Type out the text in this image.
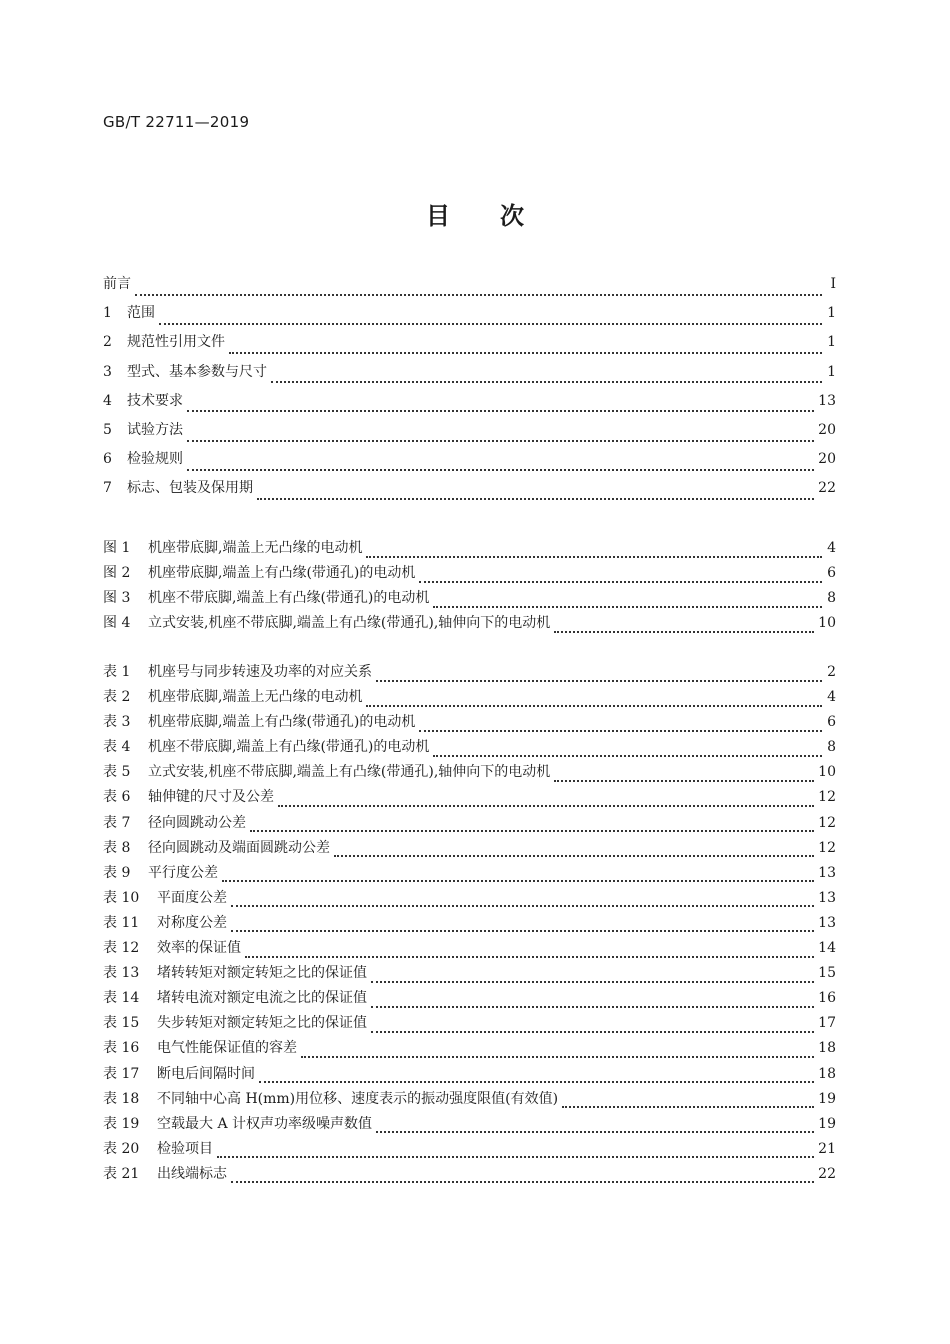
GB/T 22711—2019
目 次
前言	Ⅰ
1	范围	1
2	规范性引用文件	1
3	型式、基本参数与尺寸	1
4	技术要求	13
5	试验方法	20
6	检验规则	20
7	标志、包装及保用期	22
图 1	机座带底脚,端盖上无凸缘的电动机	4
图 2	机座带底脚,端盖上有凸缘(带通孔)的电动机	6
图 3	机座不带底脚,端盖上有凸缘(带通孔)的电动机	8
图 4	立式安装,机座不带底脚,端盖上有凸缘(带通孔),轴伸向下的电动机	10
表 1	机座号与同步转速及功率的对应关系	2
表 2	机座带底脚,端盖上无凸缘的电动机	4
表 3	机座带底脚,端盖上有凸缘(带通孔)的电动机	6
表 4	机座不带底脚,端盖上有凸缘(带通孔)的电动机	8
表 5	立式安装,机座不带底脚,端盖上有凸缘(带通孔),轴伸向下的电动机	10
表 6	轴伸键的尺寸及公差	12
表 7	径向圆跳动公差	12
表 8	径向圆跳动及端面圆跳动公差	12
表 9	平行度公差	13
表 10	平面度公差	13
表 11	对称度公差	13
表 12	效率的保证值	14
表 13	堵转转矩对额定转矩之比的保证值	15
表 14	堵转电流对额定电流之比的保证值	16
表 15	失步转矩对额定转矩之比的保证值	17
表 16	电气性能保证值的容差	18
表 17	断电后间隔时间	18
表 18	不同轴中心高 H(mm)用位移、速度表示的振动强度限值(有效值)	19
表 19	空载最大 A 计权声功率级噪声数值	19
表 20	检验项目	21
表 21	出线端标志	22
